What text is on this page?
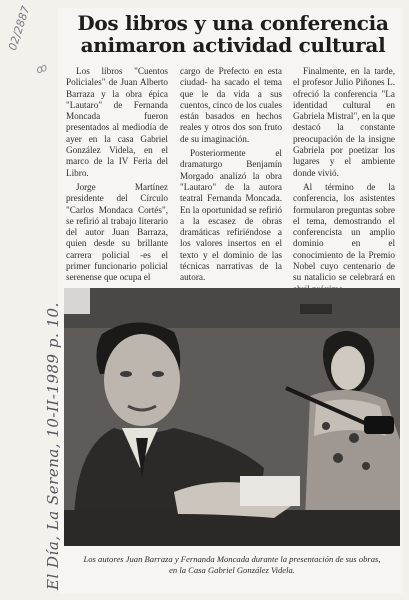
02/2887
ꝏ
Dos libros y una conferencia
animaron actividad cultural

Los libros "Cuentos Policiales" de Juan Alberto Barraza y la obra épica "Lautaro" de Fernanda Moncada fueron presentados al mediodía de ayer en la casa Gabriel González Videla, en el marco de la IV Feria del Libro.

Jorge Martínez presidente del Círculo "Carlos Mondaca Cortés", se refirió al trabajo literario del autor Juan Barraza, quien desde su brillante carrera policial -es el primer funcionario policial serenense que ocupa el

cargo de Prefecto en esta ciudad- ha sacado el tema que le da vida a sus cuentos, cinco de los cuales están basados en hechos reales y otros dos son fruto de su imaginación.

Posteriormente el dramaturgo Benjamín Morgado analizó la obra "Lautaro" de la autora teatral Fernanda Moncada. En la oportunidad se refirió a la escasez de obras dramáticas refiriéndose a los valores insertos en el texto y el dominio de las técnicas narrativas de la autora.

Finalmente, en la tarde, el profesor Julio Piñones L. ofreció la conferencia "La identidad cultural en Gabriela Mistral", en la que destacó la constante preocupación de la insigne Gabriela por poetizar los lugares y el ambiente donde vivió.

Al término de la conferencia, los asistentes formularon preguntas sobre el tema, demostrando el conferencista un amplio dominio en el conocimiento de la Premio Nobel cuyo centenario de su natalicio se celebrará en

El Día, La Serena, 10-II-1989 p. 10.	Los autores Juan Barraza y Fernanda Moncada durante la presentación de sus obras,
en la Casa Gabriel González Videla.
